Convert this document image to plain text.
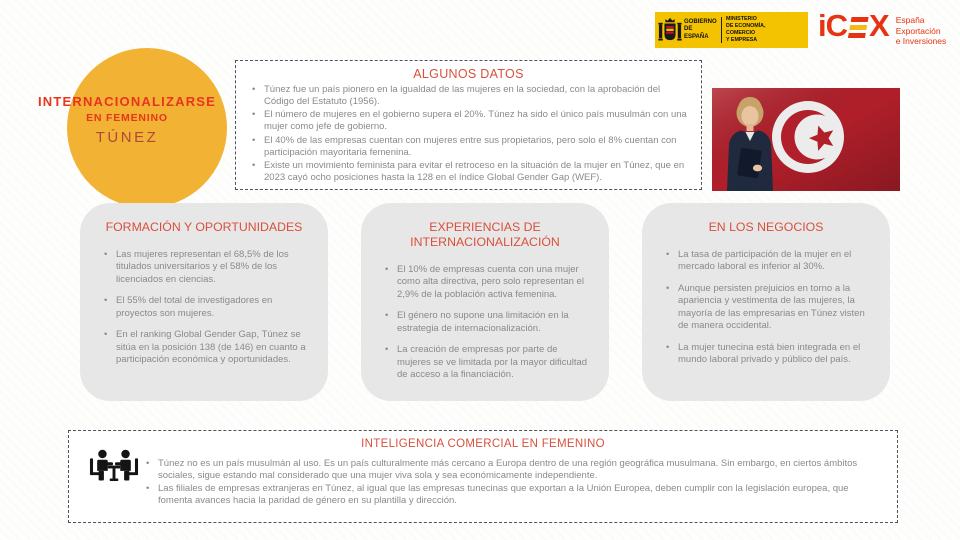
GOBIERNO
DE ESPAÑA
MINISTERIO
DE ECONOMÍA, COMERCIO
Y EMPRESA	i C X España
Exportación
e Inversiones
INTERNACIONALIZARSE
EN FEMENINO
TÚNEZ
ALGUNOS DATOS
• Túnez fue un país pionero en la igualdad de las mujeres en la sociedad, con la aprobación del Código del Estatuto (1956).
• El número de mujeres en el gobierno supera el 20%. Túnez ha sido el único país musulmán con una mujer como jefe de gobierno.
• El 40% de las empresas cuentan con mujeres entre sus propietarios, pero solo el 8% cuentan con participación mayoritaria femenina.
• Existe un movimiento feminista para evitar el retroceso en la situación de la mujer en Túnez, que en 2023 cayó ocho posiciones hasta la 128 en el índice Global Gender Gap (WEF).
FORMACIÓN Y OPORTUNIDADES
• Las mujeres representan el 68,5% de los titulados universitarios y el 58% de los licenciados en ciencias.
• El 55% del total de investigadores en proyectos son mujeres.
• En el ranking Global Gender Gap, Túnez se sitúa en la posición 138 (de 146) en cuanto a participación económica y oportunidades.
EXPERIENCIAS DE INTERNACIONALIZACIÓN
• El 10% de empresas cuenta con una mujer como alta directiva, pero solo representan el 2,9% de la población activa femenina.
• El género no supone una limitación en la estrategia de internacionalización.
• La creación de empresas por parte de mujeres se ve limitada por la mayor dificultad de acceso a la financiación.
EN LOS NEGOCIOS
• La tasa de participación de la mujer en el mercado laboral es inferior al 30%.
• Aunque persisten prejuicios en torno a la apariencia y vestimenta de las mujeres, la mayoría de las empresarias en Túnez visten de manera occidental.
• La mujer tunecina está bien integrada en el mundo laboral privado y público del país.
INTELIGENCIA COMERCIAL EN FEMENINO
• Túnez no es un país musulmán al uso. Es un país culturalmente más cercano a Europa dentro de una región geográfica musulmana. Sin embargo, en ciertos ámbitos sociales, sigue estando mal considerado que una mujer viva sola y sea económicamente independiente.
• Las filiales de empresas extranjeras en Túnez, al igual que las empresas tunecinas que exportan a la Unión Europea, deben cumplir con la legislación europea, que fomenta avances hacia la paridad de género en su plantilla y dirección.
